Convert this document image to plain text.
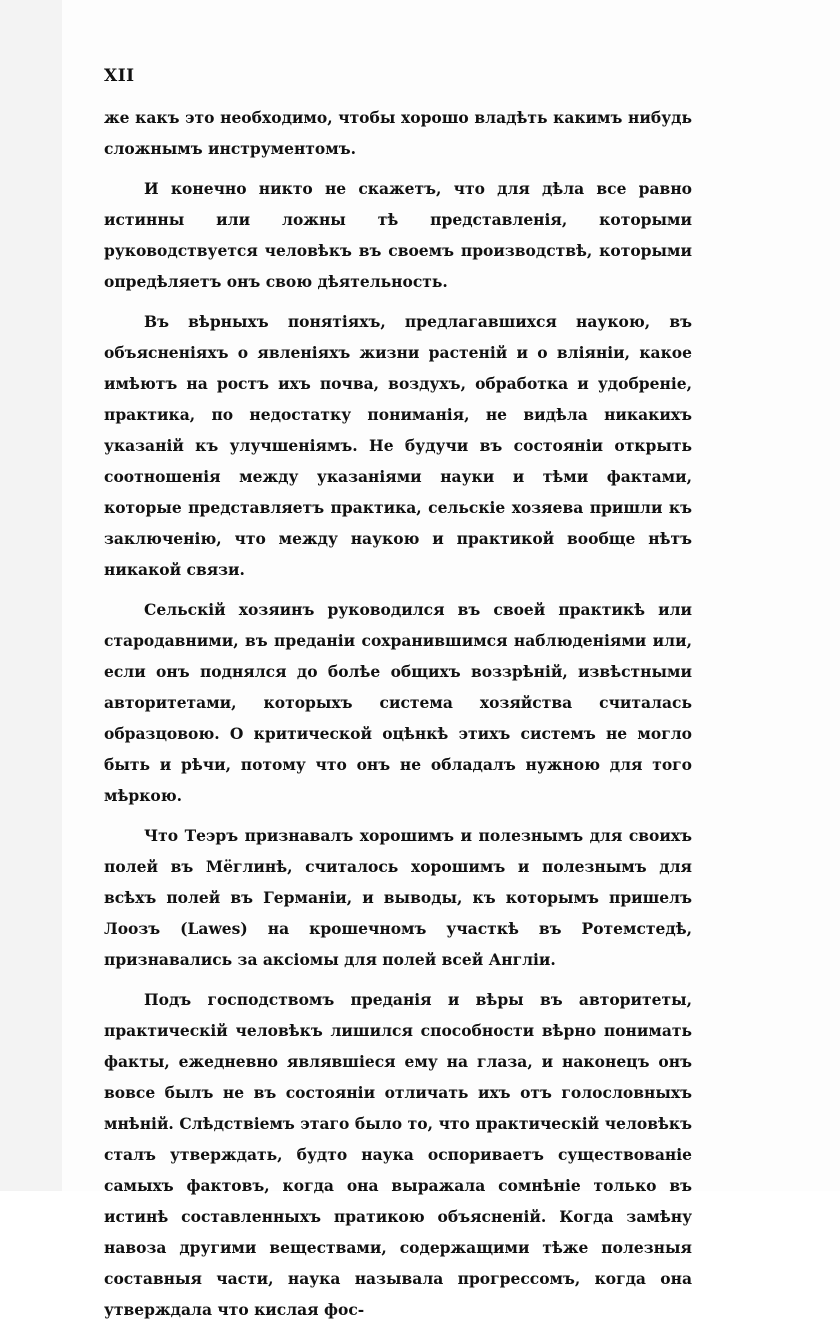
XII

же какъ это необходимо, чтобы хорошо владѣть какимъ нибудь сложнымъ инструментомъ.

И конечно никто не скажетъ, что для дѣла все равно истинны или ложны тѣ представленія, которыми руководствуется человѣкъ въ своемъ производствѣ, которыми опредѣляетъ онъ свою дѣятельность.

Въ вѣрныхъ понятіяхъ, предлагавшихся наукою, въ объясненіяхъ о явленіяхъ жизни растеній и о вліяніи, какое имѣютъ на ростъ ихъ почва, воздухъ, обработка и удобреніе, практика, по недостатку пониманія, не видѣла никакихъ указаній къ улучшеніямъ. Не будучи въ состояніи открыть соотношенія между указаніями науки и тѣми фактами, которые представляетъ практика, сельскіе хозяева пришли къ заключенію, что между наукою и практикой вообще нѣтъ никакой связи.

Сельскій хозяинъ руководился въ своей практикѣ или стародавними, въ преданіи сохранившимся наблюденіями или, если онъ поднялся до болѣе общихъ воззрѣній, извѣстными авторитетами, которыхъ система хозяйства считалась образцовою. О критической оцѣнкѣ этихъ системъ не могло быть и рѣчи, потому что онъ не обладалъ нужною для того мѣркою.

Что Теэръ признавалъ хорошимъ и полезнымъ для своихъ полей въ Мёглинѣ, считалось хорошимъ и полезнымъ для всѣхъ полей въ Германіи, и выводы, къ которымъ пришелъ Лоозъ (Lawes) на крошечномъ участкѣ въ Ротемстедѣ, признавались за аксіомы для полей всей Англіи.

Подъ господствомъ преданія и вѣры въ авторитеты, практическій человѣкъ лишился способности вѣрно понимать факты, ежедневно являвшіеся ему на глаза, и наконецъ онъ вовсе былъ не въ состояніи отличать ихъ отъ голословныхъ мнѣній. Слѣдствіемъ этаго было то, что практическій человѣкъ сталъ утверждать, будто наука оспориваетъ существованіе самыхъ фактовъ, когда она выражала сомнѣніе только въ истинѣ составленныхъ пратикою объясненій. Когда замѣну навоза другими веществами, содержащими тѣже полезныя составныя части, наука называла прогрессомъ, когда она утверждала что кислая фос-
